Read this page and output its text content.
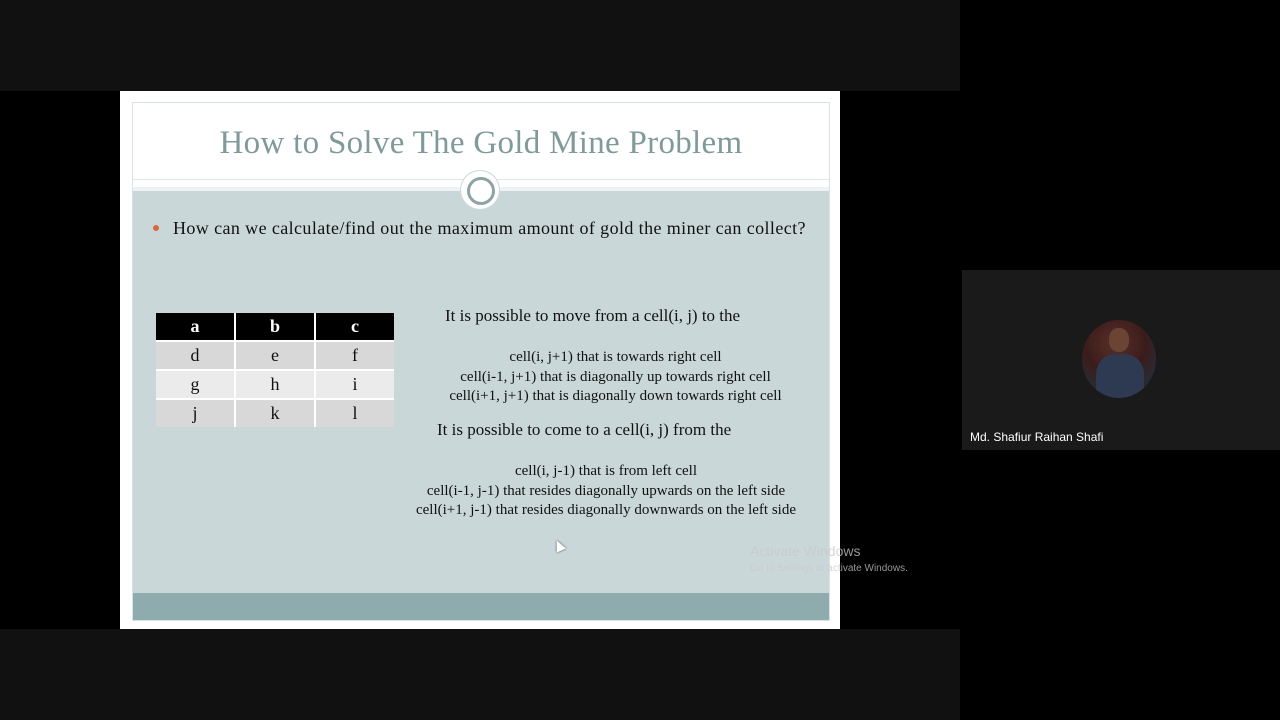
How to Solve The Gold Mine Problem
How can we calculate/find out the maximum amount of gold the miner can collect?
a	b	c
d	e	f
g	h	i
j	k	l
It is possible to move from a cell(i, j) to the
cell(i, j+1) that is towards right cell
cell(i-1, j+1) that is diagonally up towards right cell
cell(i+1, j+1) that is diagonally down towards right cell
It is possible to come to a cell(i, j) from the
cell(i, j-1) that is from left cell
cell(i-1, j-1) that resides diagonally upwards on the left side
cell(i+1, j-1) that resides diagonally downwards on the left side
Activate Windows
Go to Settings to activate Windows.
Md. Shafiur Raihan Shafi
